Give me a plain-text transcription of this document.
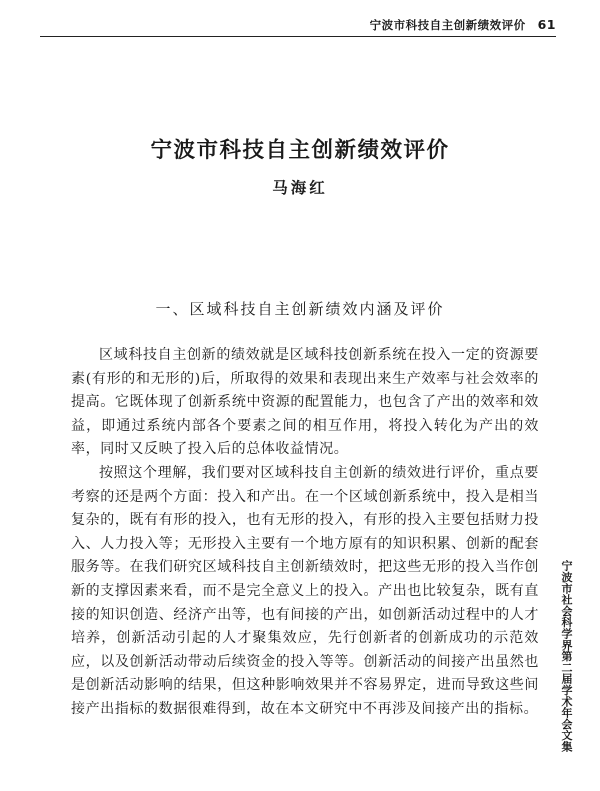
宁波市科技自主创新绩效评价 61
宁波市科技自主创新绩效评价
马海红
一、区域科技自主创新绩效内涵及评价

区域科技自主创新的绩效就是区域科技创新系统在投入一定的资源要素(有形的和无形的)后，所取得的效果和表现出来生产效率与社会效率的提高。它既体现了创新系统中资源的配置能力，也包含了产出的效率和效益，即通过系统内部各个要素之间的相互作用，将投入转化为产出的效率，同时又反映了投入后的总体收益情况。

按照这个理解，我们要对区域科技自主创新的绩效进行评价，重点要考察的还是两个方面：投入和产出。在一个区域创新系统中，投入是相当复杂的，既有有形的投入，也有无形的投入，有形的投入主要包括财力投入、人力投入等；无形投入主要有一个地方原有的知识积累、创新的配套服务等。在我们研究区域科技自主创新绩效时，把这些无形的投入当作创新的支撑因素来看，而不是完全意义上的投入。产出也比较复杂，既有直接的知识创造、经济产出等，也有间接的产出，如创新活动过程中的人才培养，创新活动引起的人才聚集效应，先行创新者的创新成功的示范效应，以及创新活动带动后续资金的投入等等。创新活动的间接产出虽然也是创新活动影响的结果，但这种影响效果并不容易界定，进而导致这些间接产出指标的数据很难得到，故在本文研究中不再涉及间接产出的指标。	宁波市社会科学界第二届学术年会文集
